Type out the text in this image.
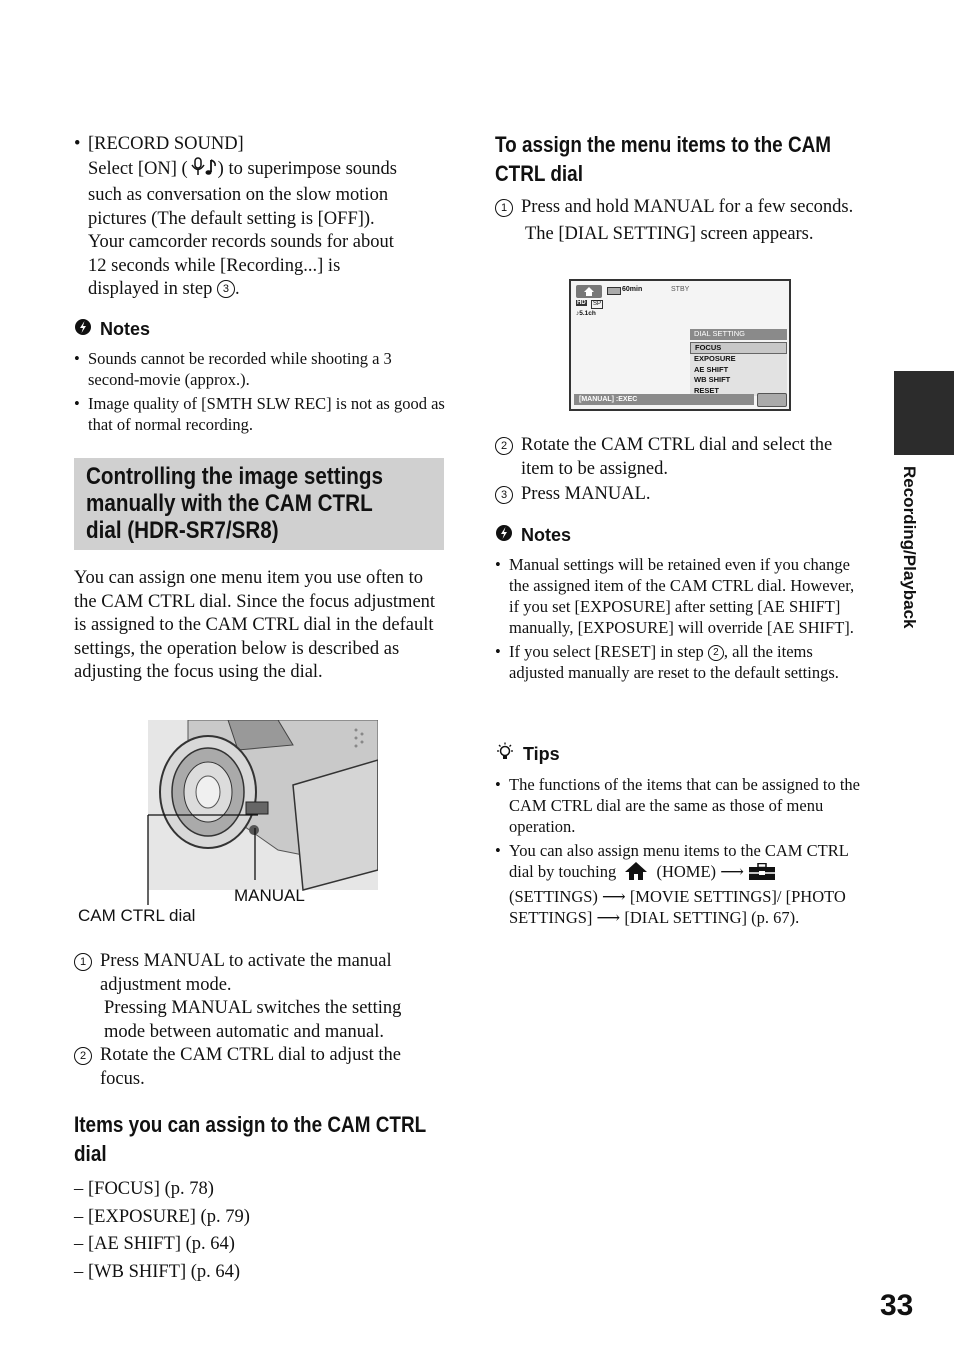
• [RECORD SOUND]
Select [ON] ( ) to superimpose sounds
such as conversation on the slow motion
pictures (The default setting is [OFF]).
Your camcorder records sounds for about
12 seconds while [Recording...] is
displayed in step 3 .
Notes
• Sounds cannot be recorded while shooting a 3 second-movie (approx.).
• Image quality of [SMTH SLW REC] is not as good as that of normal recording.
Controlling the image settings
manually with the CAM CTRL
dial (HDR-SR7/SR8)
You can assign one menu item you use often to the CAM CTRL dial. Since the focus adjustment is assigned to the CAM CTRL dial in the default settings, the operation below is described as adjusting the focus using the dial.
MANUAL
CAM CTRL dial
1 Press MANUAL to activate the manual adjustment mode.
Pressing MANUAL switches the setting mode between automatic and manual.
2 Rotate the CAM CTRL dial to adjust the focus.
Items you can assign to the CAM CTRL
dial
– [FOCUS] (p. 78)
– [EXPOSURE] (p. 79)
– [AE SHIFT] (p. 64)
– [WB SHIFT] (p. 64)
To assign the menu items to the CAM
CTRL dial
1 Press and hold MANUAL for a few seconds.
The [DIAL SETTING] screen appears.
60min	STBY
HD	SP
♪5.1ch
DIAL SETTING
FOCUS
EXPOSURE
AE SHIFT
WB SHIFT
RESET
[MANUAL] :EXEC
2 Rotate the CAM CTRL dial and select the item to be assigned.
3 Press MANUAL.
Notes
• Manual settings will be retained even if you change the assigned item of the CAM CTRL dial. However, if you set [EXPOSURE] after setting [AE SHIFT] manually, [EXPOSURE] will override [AE SHIFT].
• If you select [RESET] in step 2 , all the items adjusted manually are reset to the default settings.
Tips
• The functions of the items that can be assigned to the CAM CTRL dial are the same as those of menu operation.
• You can also assign menu items to the CAM CTRL dial by touching (HOME) ⟶  (SETTINGS) ⟶ [MOVIE SETTINGS]/ [PHOTO SETTINGS] ⟶ [DIAL SETTING] (p. 67).
Recording/Playback
33
